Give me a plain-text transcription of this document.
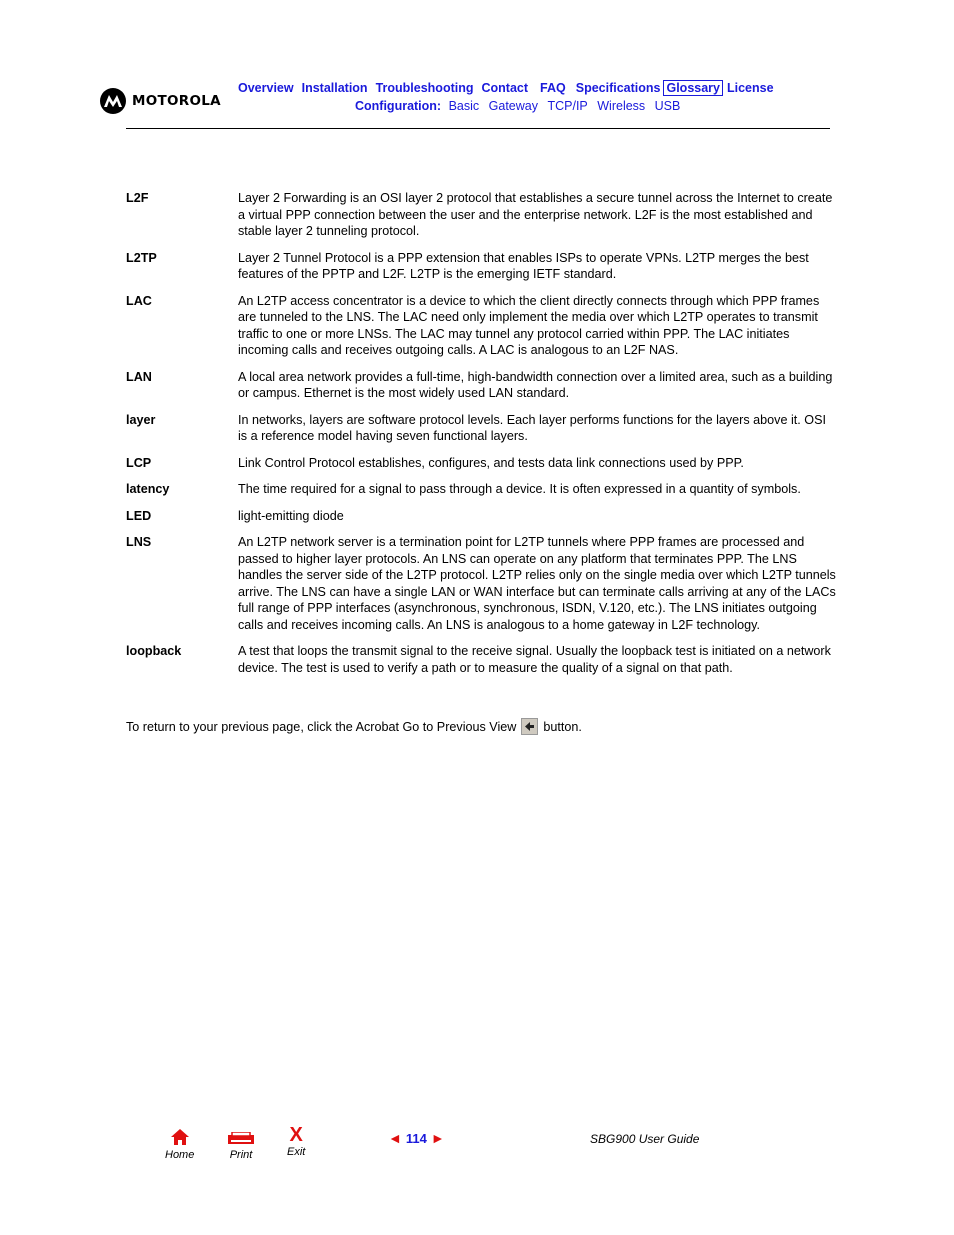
MOTOROLA
Overview Installation Troubleshooting Contact FAQ Specifications Glossary License
Configuration: Basic Gateway TCP/IP Wireless USB
L2F	Layer 2 Forwarding is an OSI layer 2 protocol that establishes a secure tunnel across the Internet to create a virtual PPP connection between the user and the enterprise network. L2F is the most established and stable layer 2 tunneling protocol.
L2TP	Layer 2 Tunnel Protocol is a PPP extension that enables ISPs to operate VPNs. L2TP merges the best features of the PPTP and L2F. L2TP is the emerging IETF standard.
LAC	An L2TP access concentrator is a device to which the client directly connects through which PPP frames are tunneled to the LNS. The LAC need only implement the media over which L2TP operates to transmit traffic to one or more LNSs. The LAC may tunnel any protocol carried within PPP. The LAC initiates incoming calls and receives outgoing calls. A LAC is analogous to an L2F NAS.
LAN	A local area network provides a full-time, high-bandwidth connection over a limited area, such as a building or campus. Ethernet is the most widely used LAN standard.
layer	In networks, layers are software protocol levels. Each layer performs functions for the layers above it. OSI is a reference model having seven functional layers.
LCP	Link Control Protocol establishes, configures, and tests data link connections used by PPP.
latency	The time required for a signal to pass through a device. It is often expressed in a quantity of symbols.
LED	light-emitting diode
LNS	An L2TP network server is a termination point for L2TP tunnels where PPP frames are processed and passed to higher layer protocols. An LNS can operate on any platform that terminates PPP. The LNS handles the server side of the L2TP protocol. L2TP relies only on the single media over which L2TP tunnels arrive. The LNS can have a single LAN or WAN interface but can terminate calls arriving at any of the LACs full range of PPP interfaces (asynchronous, synchronous, ISDN, V.120, etc.). The LNS initiates outgoing calls and receives incoming calls. An LNS is analogous to a home gateway in L2F technology.
loopback	A test that loops the transmit signal to the receive signal. Usually the loopback test is initiated on a network device. The test is used to verify a path or to measure the quality of a signal on that path.
To return to your previous page, click the Acrobat Go to Previous View button.
Home	Print
X
Exit
◄ 114 ►	SBG900 User Guide
